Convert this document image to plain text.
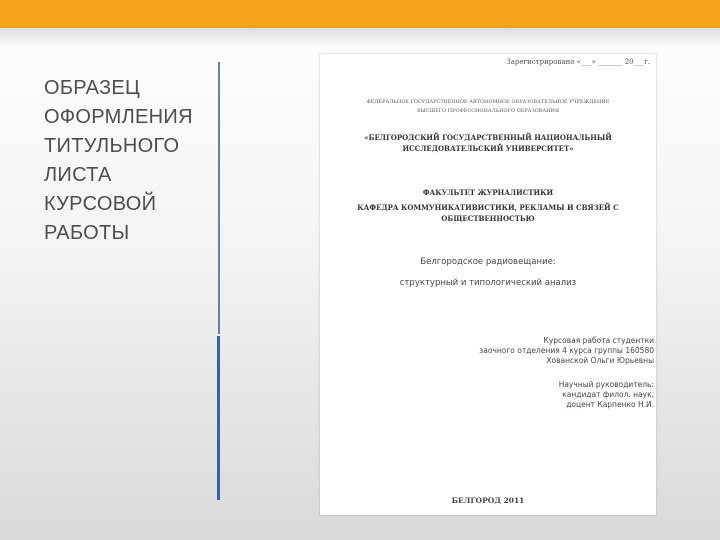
ОБРАЗЕЦ
ОФОРМЛЕНИЯ
ТИТУЛЬНОГО
ЛИСТА
КУРСОВОЙ
РАБОТЫ
Зарегистрировано «___» _______ 20___г.
ФЕДЕРАЛЬНОЕ ГОСУДАРСТВЕННОЕ АВТОНОМНОЕ ОБРАЗОВАТЕЛЬНОЕ УЧРЕЖДЕНИЕ
ВЫСШЕГО ПРОФЕССИОНАЛЬНОГО ОБРАЗОВАНИЯ
«БЕЛГОРОДСКИЙ ГОСУДАРСТВЕННЫЙ НАЦИОНАЛЬНЫЙ
ИССЛЕДОВАТЕЛЬСКИЙ УНИВЕРСИТЕТ»
ФАКУЛЬТЕТ ЖУРНАЛИСТИКИ
КАФЕДРА КОММУНИКАТИВИСТИКИ, РЕКЛАМЫ И СВЯЗЕЙ С
ОБЩЕСТВЕННОСТЬЮ
Белгородское радиовещание:
структурный и типологический анализ
Курсовая работа студентки
заочного отделения 4 курса группы 160580
Хованской Ольги Юрьевны
Научный руководитель:
кандидат филол. наук,
доцент Карпенко Н.И.
БЕЛГОРОД 2011
